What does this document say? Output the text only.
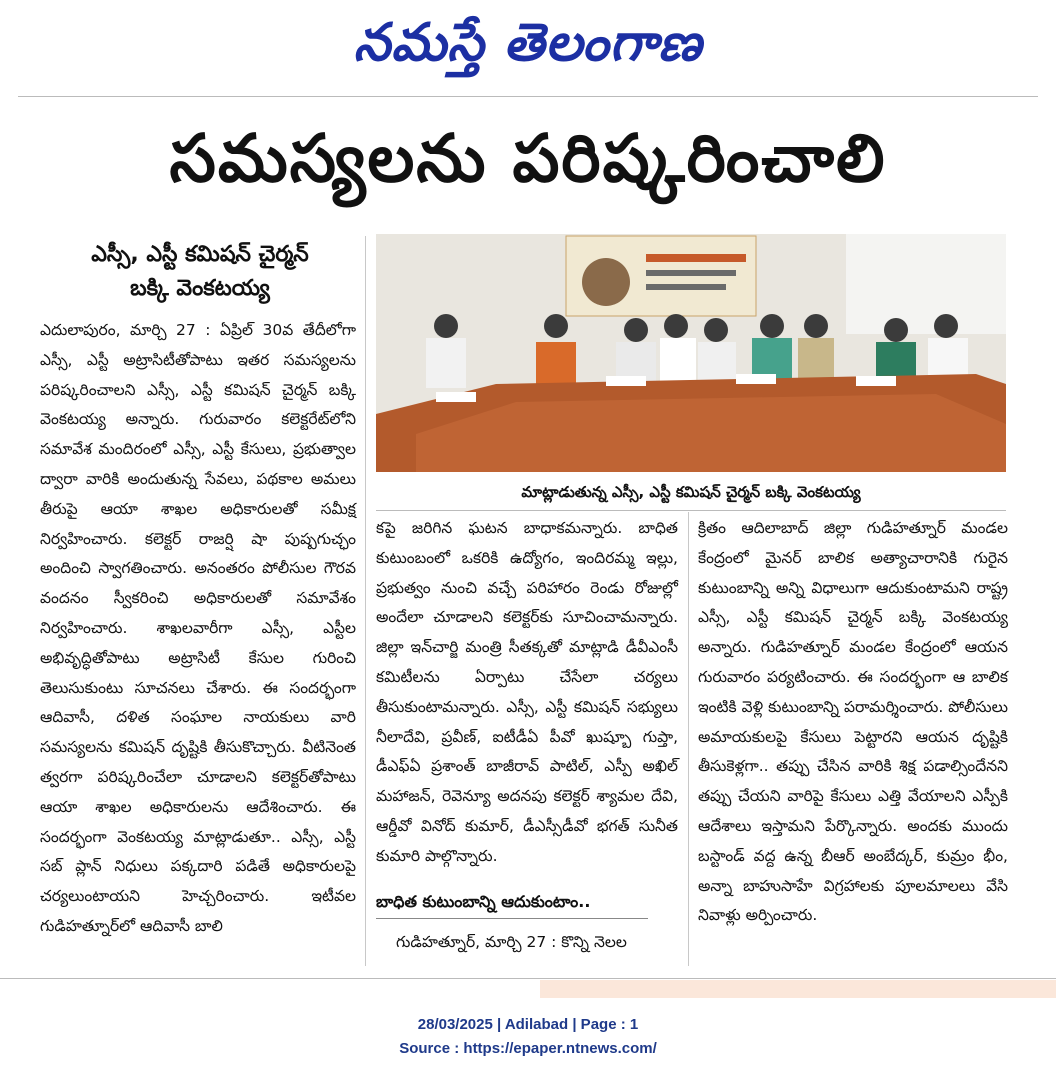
నమస్తే తెలంగాణ
సమస్యలను పరిష్కరించాలి
ఎస్సీ, ఎస్టీ కమిషన్ చైర్మన్
బక్కి వెంకటయ్య

ఎదులాపురం, మార్చి 27 : ఏప్రిల్ 30వ తేదీలోగా ఎస్సీ, ఎస్టీ అట్రాసిటీతోపాటు ఇతర సమస్యలను పరిష్కరించాలని ఎస్సీ, ఎస్టీ కమిషన్ చైర్మన్ బక్కి వెంకటయ్య అన్నారు. గురువారం కలెక్టరేట్‌లోని సమావేశ మందిరంలో ఎస్సీ, ఎస్టీ కేసులు, ప్రభుత్వాల ద్వారా వారికి అందుతున్న సేవలు, పథకాల అమలు తీరుపై ఆయా శాఖల అధికారులతో సమీక్ష నిర్వహించారు. కలెక్టర్ రాజర్షి షా పుష్పగుచ్ఛం అందించి స్వాగతించారు. అనంతరం పోలీసుల గౌరవ వందనం స్వీకరించి అధికారులతో సమావేశం నిర్వహించారు. శాఖలవారీగా ఎస్సీ, ఎస్టీల అభివృద్ధితోపాటు అట్రాసిటీ కేసుల గురించి తెలుసుకుంటు సూచనలు చేశారు. ఈ సందర్భంగా ఆదివాసీ, దళిత సంఘాల నాయకులు వారి సమస్యలను కమిషన్ దృష్టికి తీసుకొచ్చారు. వీటినెంత త్వరగా పరిష్కరించేలా చూడాలని కలెక్టర్‌తోపాటు ఆయా శాఖల అధికారులను ఆదేశించారు. ఈ సందర్భంగా వెంకటయ్య మాట్లాడుతూ.. ఎస్సీ, ఎస్టీ సబ్ ప్లాన్ నిధులు పక్కదారి పడితే అధికారులపై చర్యలుంటాయని హెచ్చరించారు. ఇటీవల గుడిహత్నూర్‌లో ఆదివాసీ బాలి

మాట్లాడుతున్న ఎస్సీ, ఎస్టీ కమిషన్ చైర్మన్ బక్కి వెంకటయ్య

కపై జరిగిన ఘటన బాధాకమన్నారు. బాధిత కుటుంబంలో ఒకరికి ఉద్యోగం, ఇందిరమ్మ ఇల్లు, ప్రభుత్వం నుంచి వచ్చే పరిహారం రెండు రోజుల్లో అందేలా చూడాలని కలెక్టర్‌కు సూచించామన్నారు. జిల్లా ఇన్‌చార్జి మంత్రి సీతక్కతో మాట్లాడి డీవీఎంసీ కమిటీలను ఏర్పాటు చేసేలా చర్యలు తీసుకుంటామన్నారు. ఎస్సీ, ఎస్టీ కమిషన్ సభ్యులు నీలాదేవి, ప్రవీణ్, ఐటీడీఏ పీవో ఖుష్బూ గుప్తా, డీఎఫ్‌ఏ ప్రశాంత్ బాజీరావ్ పాటిల్, ఎస్పీ అఖిల్ మహాజన్, రెవెన్యూ అదనపు కలెక్టర్ శ్యామల దేవి, ఆర్డీవో వినోద్ కుమార్, డీఎస్సీడీవో భగత్ సునీత కుమారి పాల్గొన్నారు.

బాధిత కుటుంబాన్ని ఆదుకుంటాం..

గుడిహత్నూర్, మార్చి 27 : కొన్ని నెలల

క్రితం ఆదిలాబాద్ జిల్లా గుడిహత్నూర్ మండల కేంద్రంలో మైనర్ బాలిక అత్యాచారానికి గురైన కుటుంబాన్ని అన్ని విధాలుగా ఆదుకుంటామని రాష్ట్ర ఎస్సీ, ఎస్టీ కమిషన్ చైర్మన్ బక్కి వెంకటయ్య అన్నారు. గుడిహత్నూర్ మండల కేంద్రంలో ఆయన గురువారం పర్యటించారు. ఈ సందర్భంగా ఆ బాలిక ఇంటికి వెళ్లి కుటుంబాన్ని పరామర్శించారు. పోలీసులు అమాయకులపై కేసులు పెట్టారని ఆయన దృష్టికి తీసుకెళ్లగా.. తప్పు చేసిన వారికి శిక్ష పడాల్సిందేనని తప్పు చేయని వారిపై కేసులు ఎత్తి వేయాలని ఎస్పీకి ఆదేశాలు ఇస్తామని పేర్కొన్నారు. అందకు ముందు బస్టాండ్ వద్ద ఉన్న బీఆర్ అంబేద్కర్, కుమ్రం భీం, అన్నా బాహుసాహే విగ్రహాలకు పూలమాలలు వేసి నివాళ్లు అర్పించారు.

28/03/2025 | Adilabad | Page : 1
Source : https://epaper.ntnews.com/
